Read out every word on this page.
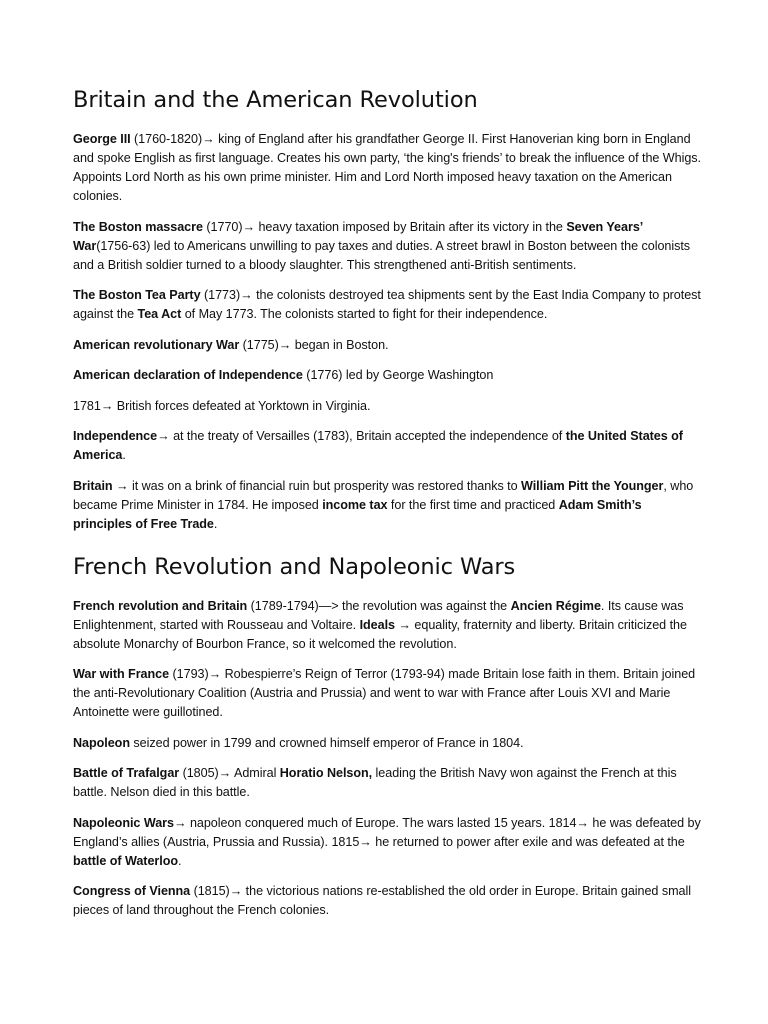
Britain and the American Revolution

George III (1760-1820)→ king of England after his grandfather George II. First Hanoverian king born in England and spoke English as first language. Creates his own party, ‘the king's friends’ to break the influence of the Whigs. Appoints Lord North as his own prime minister. Him and Lord North imposed heavy taxation on the American colonies.

The Boston massacre (1770)→ heavy taxation imposed by Britain after its victory in the Seven Years’ War(1756-63) led to Americans unwilling to pay taxes and duties. A street brawl in Boston between the colonists and a British soldier turned to a bloody slaughter. This strengthened anti-British sentiments.

The Boston Tea Party (1773)→ the colonists destroyed tea shipments sent by the East India Company to protest against the Tea Act of May 1773. The colonists started to fight for their independence.

American revolutionary War (1775)→ began in Boston.

American declaration of Independence (1776) led by George Washington

1781→ British forces defeated at Yorktown in Virginia.

Independence→ at the treaty of Versailles (1783), Britain accepted the independence of the United States of America.

Britain → it was on a brink of financial ruin but prosperity was restored thanks to William Pitt the Younger, who became Prime Minister in 1784. He imposed income tax for the first time and practiced Adam Smith’s principles of Free Trade.

French Revolution and Napoleonic Wars

French revolution and Britain (1789-1794)—> the revolution was against the Ancien Régime. Its cause was Enlightenment, started with Rousseau and Voltaire. Ideals → equality, fraternity and liberty. Britain criticized the absolute Monarchy of Bourbon France, so it welcomed the revolution.

War with France (1793)→ Robespierre’s Reign of Terror (1793-94) made Britain lose faith in them. Britain joined the anti-Revolutionary Coalition (Austria and Prussia) and went to war with France after Louis XVI and Marie Antoinette were guillotined.

Napoleon seized power in 1799 and crowned himself emperor of France in 1804.

Battle of Trafalgar (1805)→ Admiral Horatio Nelson, leading the British Navy won against the French at this battle. Nelson died in this battle.

Napoleonic Wars→ napoleon conquered much of Europe. The wars lasted 15 years. 1814→ he was defeated by England’s allies (Austria, Prussia and Russia). 1815→ he returned to power after exile and was defeated at the battle of Waterloo.

Congress of Vienna (1815)→ the victorious nations re-established the old order in Europe. Britain gained small pieces of land throughout the French colonies.
